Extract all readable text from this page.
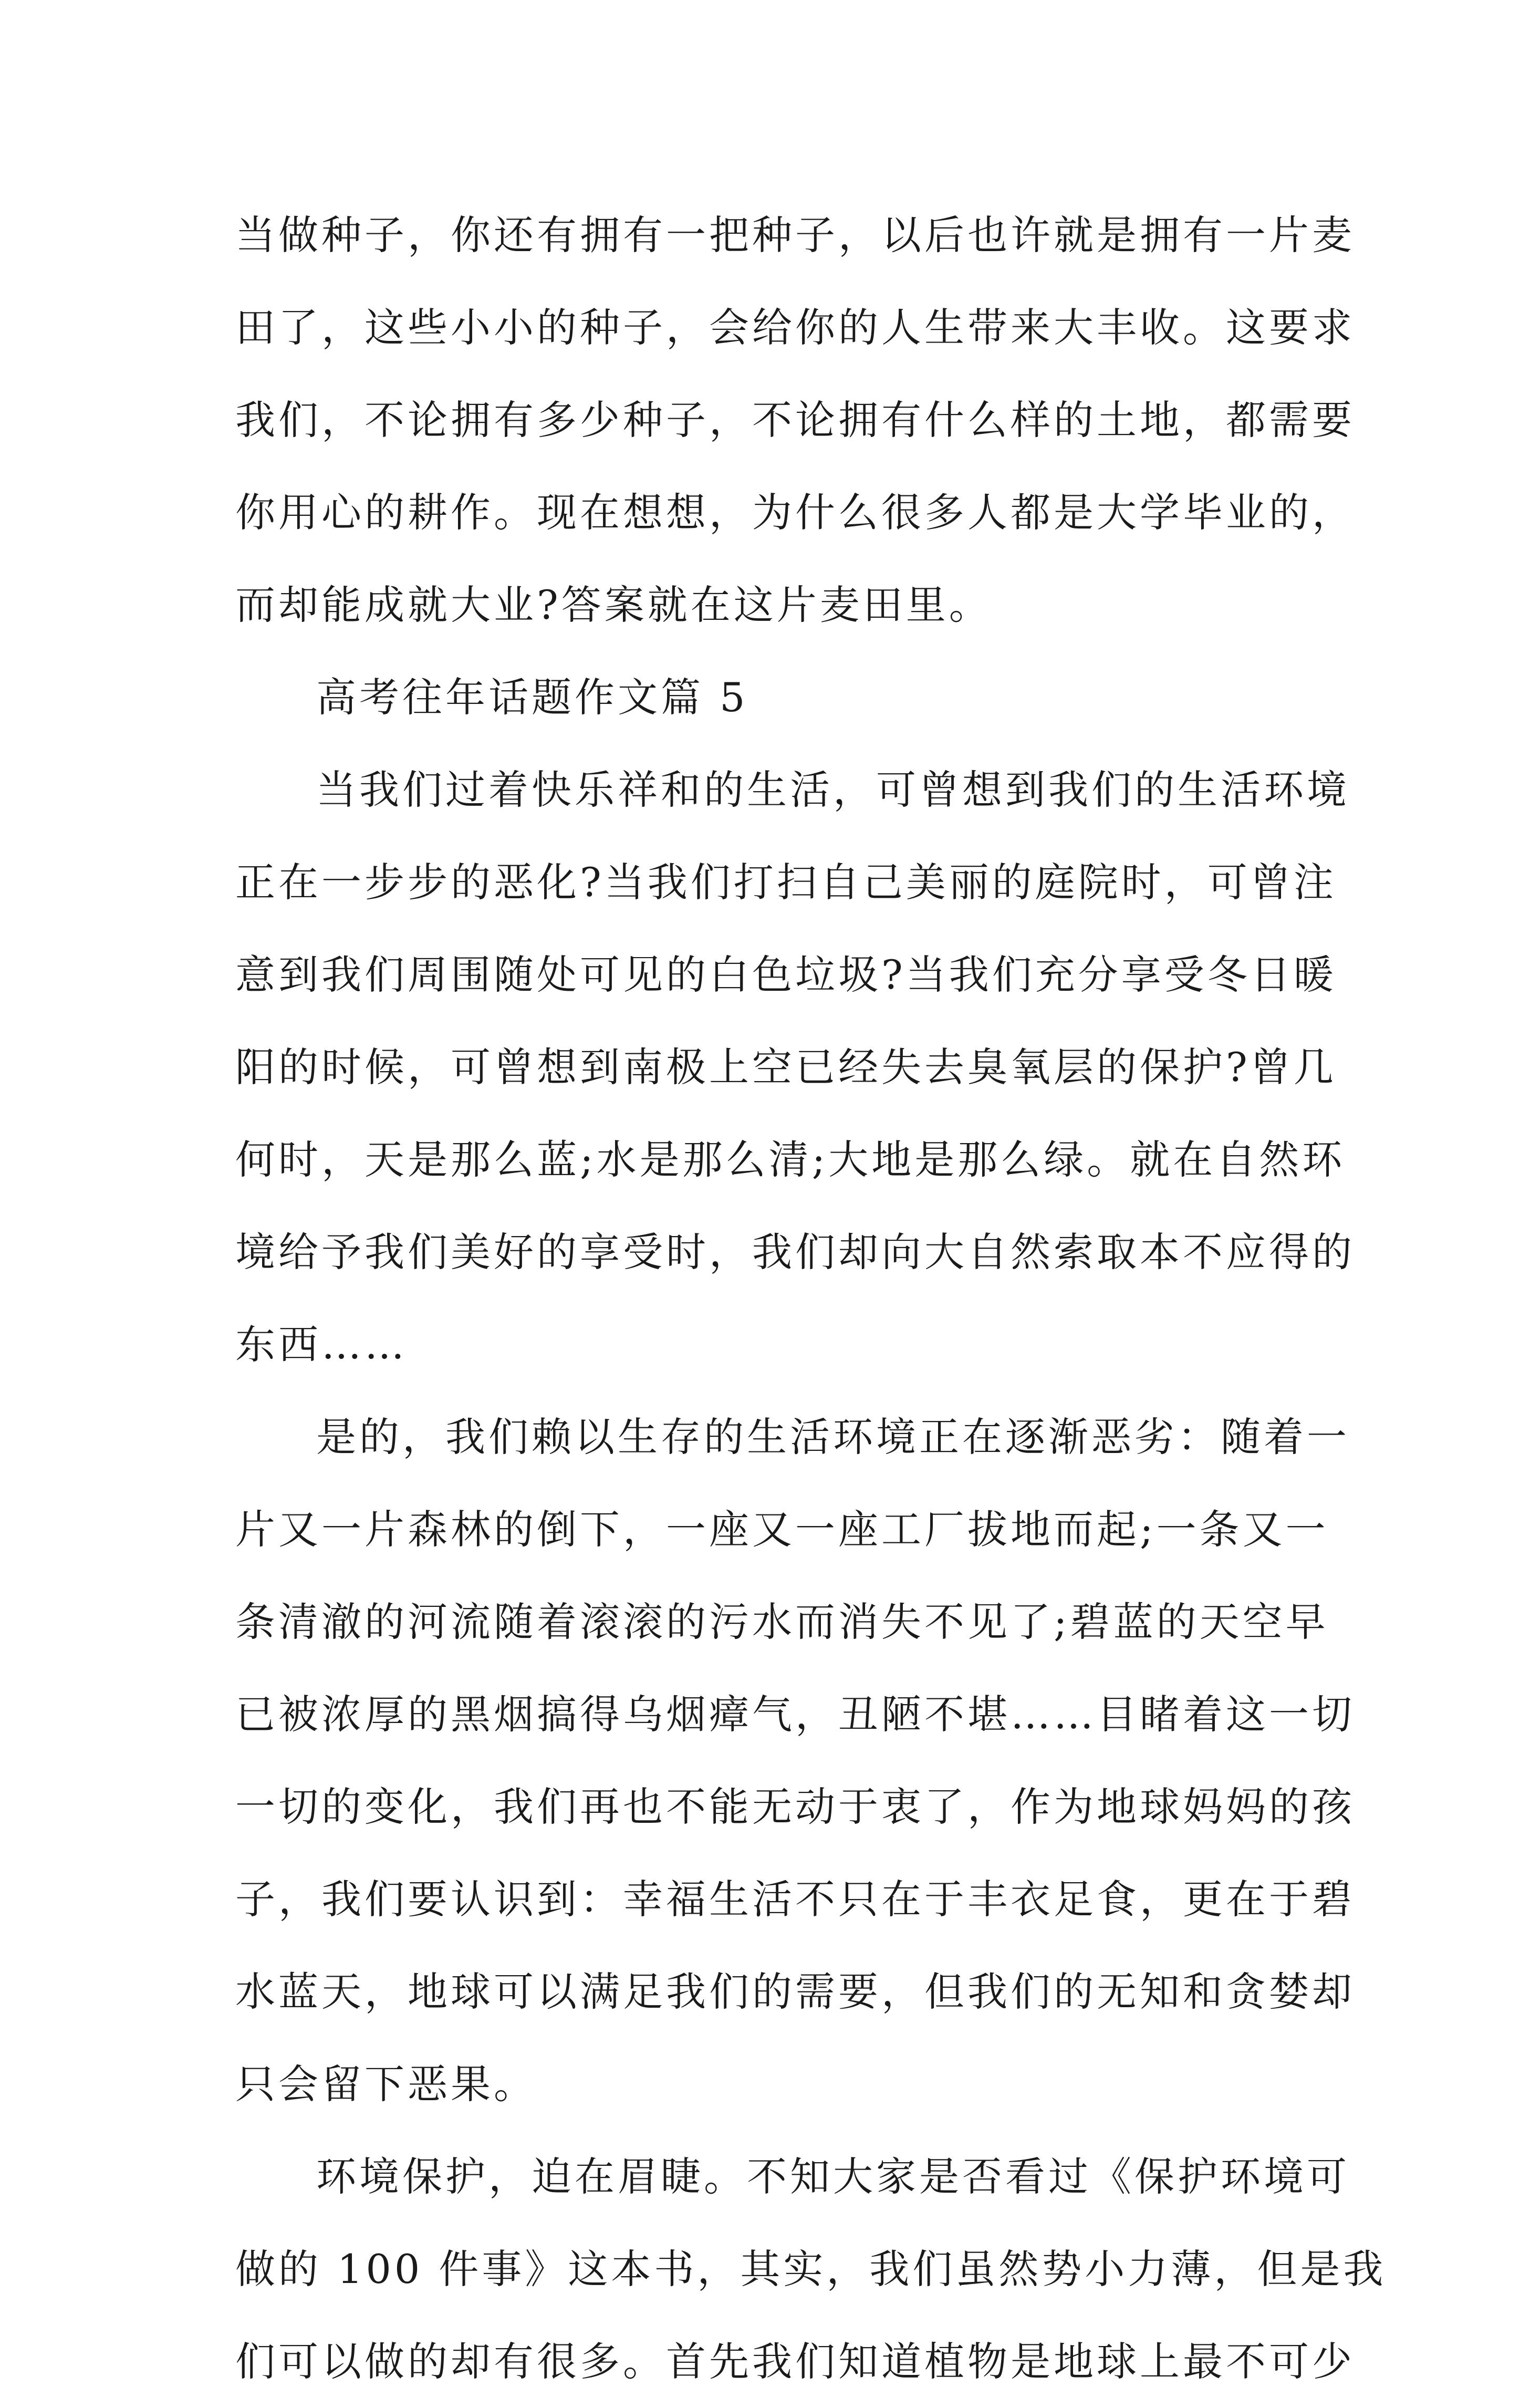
当做种子，你还有拥有一把种子，以后也许就是拥有一片麦
田了，这些小小的种子，会给你的人生带来大丰收。这要求
我们，不论拥有多少种子，不论拥有什么样的土地，都需要
你用心的耕作。现在想想，为什么很多人都是大学毕业的，
而却能成就大业?答案就在这片麦田里。
高考往年话题作文篇 5
当我们过着快乐祥和的生活，可曾想到我们的生活环境
正在一步步的恶化?当我们打扫自己美丽的庭院时，可曾注
意到我们周围随处可见的白色垃圾?当我们充分享受冬日暖
阳的时候，可曾想到南极上空已经失去臭氧层的保护?曾几
何时，天是那么蓝;水是那么清;大地是那么绿。就在自然环
境给予我们美好的享受时，我们却向大自然索取本不应得的
东西……
是的，我们赖以生存的生活环境正在逐渐恶劣：随着一
片又一片森林的倒下，一座又一座工厂拔地而起;一条又一
条清澈的河流随着滚滚的污水而消失不见了;碧蓝的天空早
已被浓厚的黑烟搞得乌烟瘴气，丑陋不堪……目睹着这一切
一切的变化，我们再也不能无动于衷了，作为地球妈妈的孩
子，我们要认识到：幸福生活不只在于丰衣足食，更在于碧
水蓝天，地球可以满足我们的需要，但我们的无知和贪婪却
只会留下恶果。
环境保护，迫在眉睫。不知大家是否看过《保护环境可
做的 100 件事》这本书，其实，我们虽然势小力薄，但是我
们可以做的却有很多。首先我们知道植物是地球上最不可少
